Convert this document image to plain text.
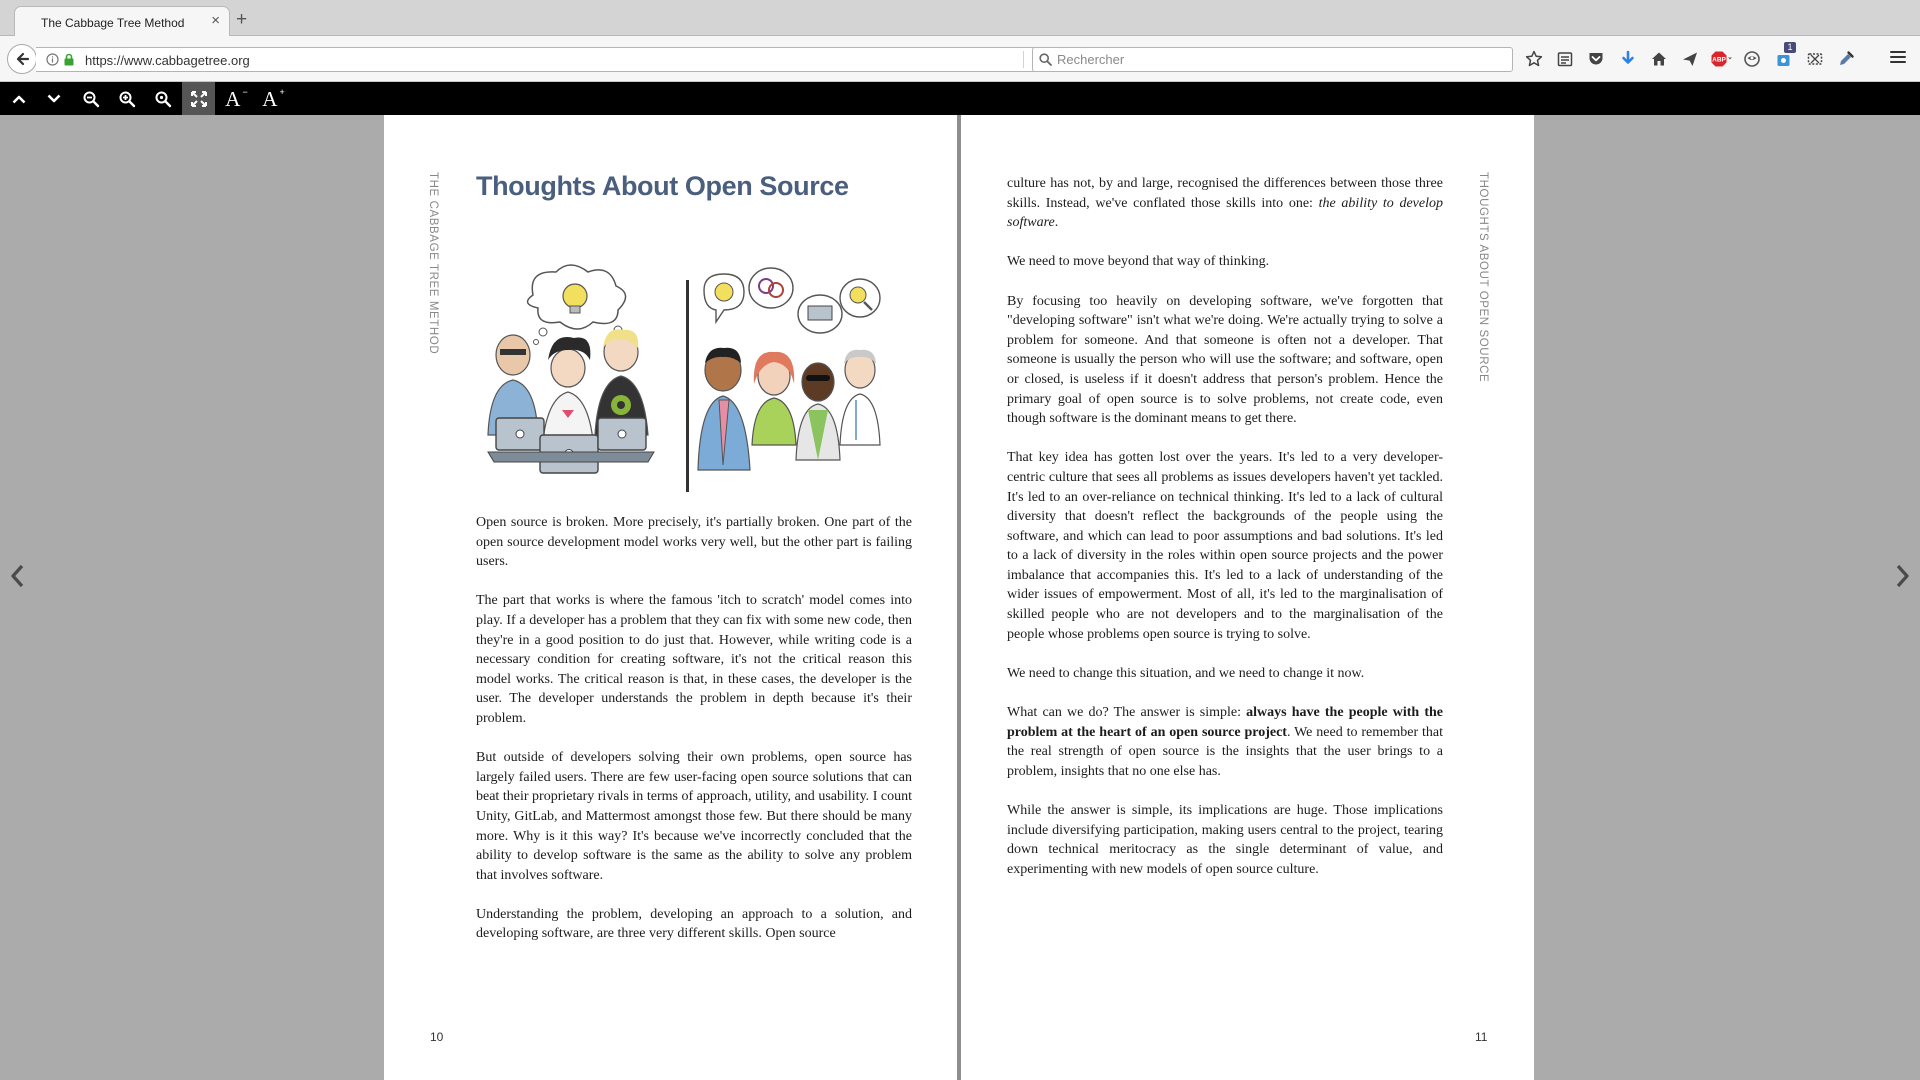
The Cabbage Tree Method × +
https://www.cabbagetree.org
Rechercher	ABP
1
A − A +
THE CABBAGE TREE METHOD Thoughts About Open Source

Open source is broken. More precisely, it's partially broken. One part of the open source development model works very well, but the other part is failing users.

The part that works is where the famous 'itch to scratch' model comes into play. If a developer has a problem that they can fix with some new code, then they're in a good position to do just that. However, while writing code is a necessary condition for creating software, it's not the critical reason this model works. The critical reason is that, in these cases, the developer is the user. The developer understands the problem in depth because it's their problem.

But outside of developers solving their own problems, open source has largely failed users. There are few user-facing open source solutions that can beat their proprietary rivals in terms of approach, utility, and usability. I count Unity, GitLab, and Mattermost amongst those few. But there should be many more. Why is it this way? It's because we've incorrectly concluded that the ability to develop software is the same as the ability to solve any problem that involves software.

Understanding the problem, developing an approach to a solution, and developing software, are three very different skills. Open source

10
THOUGHTS ABOUT OPEN SOURCE

culture has not, by and large, recognised the differences between those three skills. Instead, we've conflated those skills into one: the ability to develop software.

We need to move beyond that way of thinking.

By focusing too heavily on developing software, we've forgotten that "developing software" isn't what we're doing. We're actually trying to solve a problem for someone. And that someone is often not a developer. That someone is usually the person who will use the software; and software, open or closed, is useless if it doesn't address that person's problem. Hence the primary goal of open source is to solve problems, not create code, even though software is the dominant means to get there.

That key idea has gotten lost over the years. It's led to a very developer-centric culture that sees all problems as issues developers haven't yet tackled. It's led to an over-reliance on technical thinking. It's led to a lack of cultural diversity that doesn't reflect the backgrounds of the people using the software, and which can lead to poor assumptions and bad solutions. It's led to a lack of diversity in the roles within open source projects and the power imbalance that accompanies this. It's led to a lack of understanding of the wider issues of empowerment. Most of all, it's led to the marginalisation of skilled people who are not developers and to the marginalisation of the people whose problems open source is trying to solve.

We need to change this situation, and we need to change it now.

What can we do? The answer is simple: always have the people with the problem at the heart of an open source project. We need to remember that the real strength of open source is the insights that the user brings to a problem, insights that no one else has.

While the answer is simple, its implications are huge. Those implications include diversifying participation, making users central to the project, tearing down technical meritocracy as the single determinant of value, and experimenting with new models of open source culture.

11
